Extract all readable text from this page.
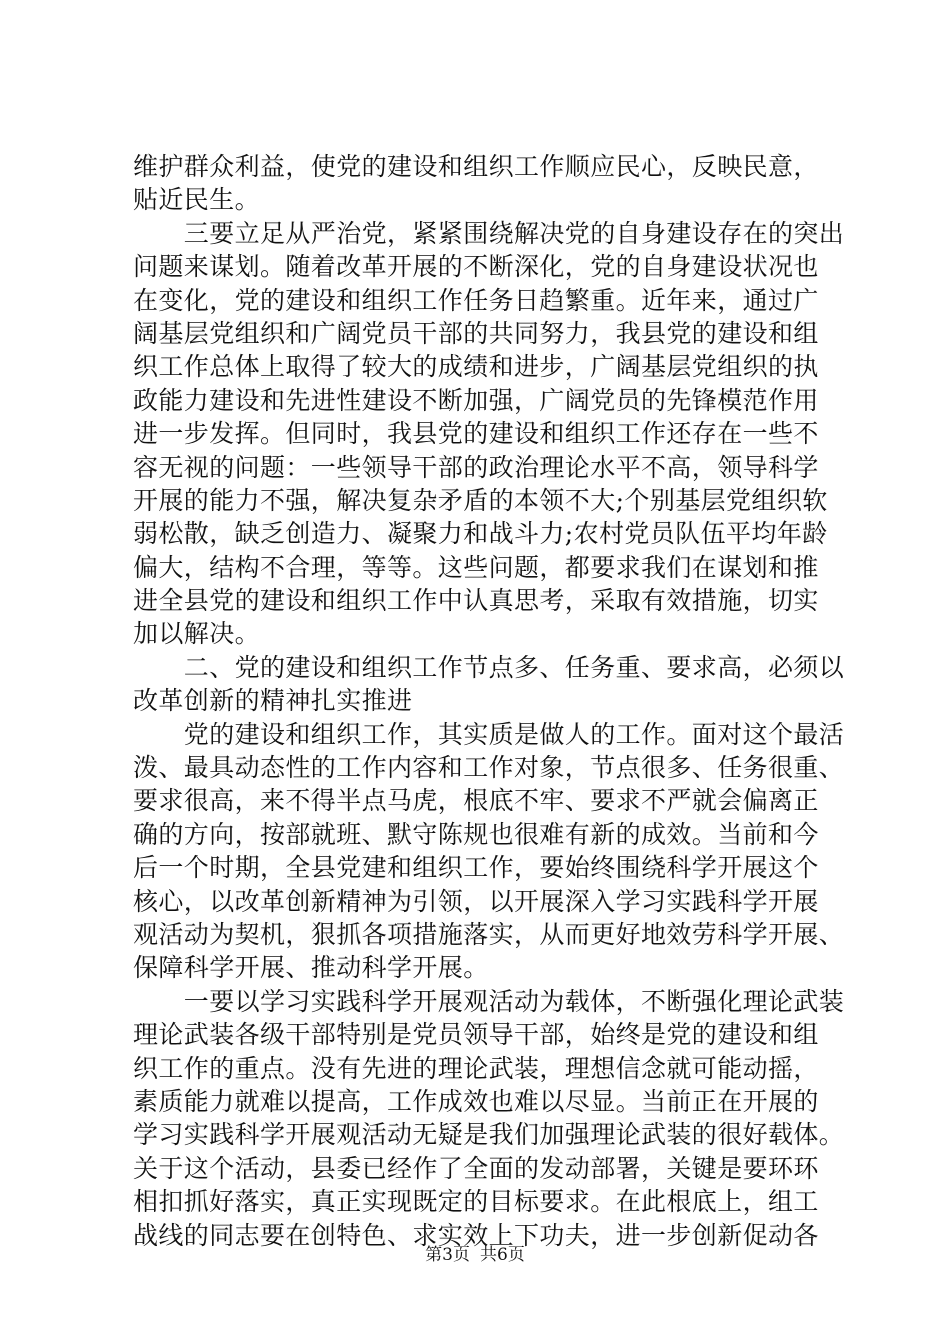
维护群众利益，使党的建设和组织工作顺应民心，反映民意，
贴近民生。
　　三要立足从严治党，紧紧围绕解决党的自身建设存在的突出
问题来谋划。随着改革开展的不断深化，党的自身建设状况也
在变化，党的建设和组织工作任务日趋繁重。近年来，通过广
阔基层党组织和广阔党员干部的共同努力，我县党的建设和组
织工作总体上取得了较大的成绩和进步，广阔基层党组织的执
政能力建设和先进性建设不断加强，广阔党员的先锋模范作用
进一步发挥。但同时，我县党的建设和组织工作还存在一些不
容无视的问题：一些领导干部的政治理论水平不高，领导科学
开展的能力不强，解决复杂矛盾的本领不大;个别基层党组织软
弱松散，缺乏创造力、凝聚力和战斗力;农村党员队伍平均年龄
偏大，结构不合理，等等。这些问题，都要求我们在谋划和推
进全县党的建设和组织工作中认真思考，采取有效措施，切实
加以解决。
　　二、党的建设和组织工作节点多、任务重、要求高，必须以
改革创新的精神扎实推进
　　党的建设和组织工作，其实质是做人的工作。面对这个最活
泼、最具动态性的工作内容和工作对象，节点很多、任务很重、
要求很高，来不得半点马虎，根底不牢、要求不严就会偏离正
确的方向，按部就班、默守陈规也很难有新的成效。当前和今
后一个时期，全县党建和组织工作，要始终围绕科学开展这个
核心，以改革创新精神为引领，以开展深入学习实践科学开展
观活动为契机，狠抓各项措施落实，从而更好地效劳科学开展、
保障科学开展、推动科学开展。
　　一要以学习实践科学开展观活动为载体，不断强化理论武装
理论武装各级干部特别是党员领导干部，始终是党的建设和组
织工作的重点。没有先进的理论武装，理想信念就可能动摇，
素质能力就难以提高，工作成效也难以尽显。当前正在开展的
学习实践科学开展观活动无疑是我们加强理论武装的很好载体。
关于这个活动，县委已经作了全面的发动部署，关键是要环环
相扣抓好落实，真正实现既定的目标要求。在此根底上，组工
战线的同志要在创特色、求实效上下功夫，进一步创新促动各
第3页 共6页
